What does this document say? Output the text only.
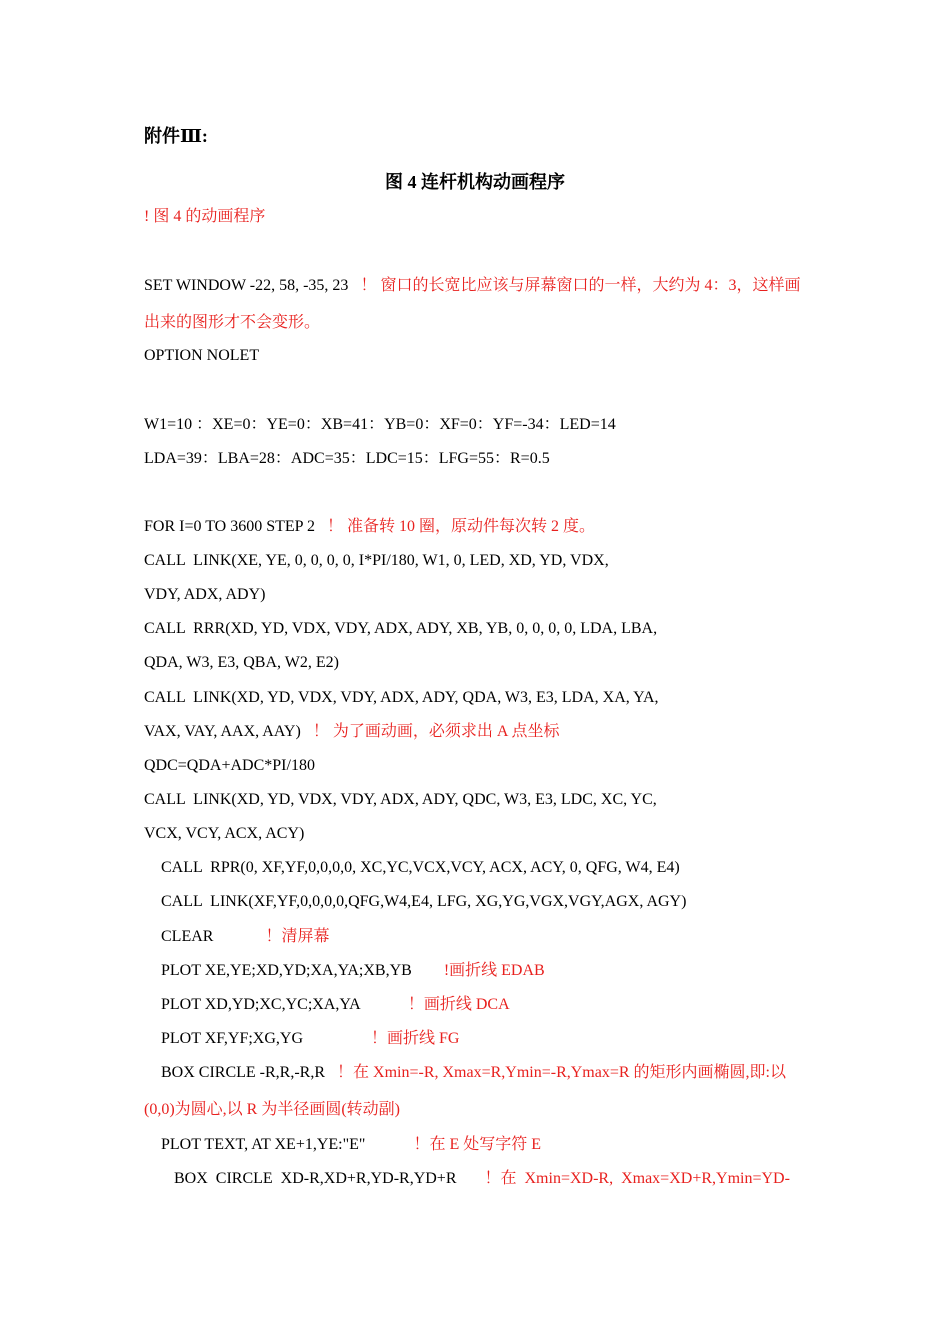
附件Ⅲ:
图 4 连杆机构动画程序
! 图 4 的动画程序
SET WINDOW -22, 58, -35, 23   ！ 窗口的长宽比应该与屏幕窗口的一样，大约为 4：3，这样画
出来的图形才不会变形。
OPTION NOLET
W1=10 ：XE=0：YE=0：XB=41：YB=0：XF=0：YF=-34：LED=14
LDA=39：LBA=28：ADC=35：LDC=15：LFG=55：R=0.5
FOR I=0 TO 3600 STEP 2   ！ 准备转 10 圈，原动件每次转 2 度。
CALL  LINK(XE, YE, 0, 0, 0, 0, I*PI/180, W1, 0, LED, XD, YD, VDX,
VDY, ADX, ADY)
CALL  RRR(XD, YD, VDX, VDY, ADX, ADY, XB, YB, 0, 0, 0, 0, LDA, LBA,
QDA, W3, E3, QBA, W2, E2)
CALL  LINK(XD, YD, VDX, VDY, ADX, ADY, QDA, W3, E3, LDA, XA, YA,
VAX, VAY, AAX, AAY)   ！ 为了画动画，必须求出 A 点坐标
QDC=QDA+ADC*PI/180
CALL  LINK(XD, YD, VDX, VDY, ADX, ADY, QDC, W3, E3, LDC, XC, YC,
VCX, VCY, ACX, ACY)
CALL  RPR(0, XF,YF,0,0,0,0, XC,YC,VCX,VCY, ACX, ACY, 0, QFG, W4, E4)
CALL  LINK(XF,YF,0,0,0,0,QFG,W4,E4, LFG, XG,YG,VGX,VGY,AGX, AGY)
CLEAR             ！清屏幕
PLOT XE,YE;XD,YD;XA,YA;XB,YB        !画折线 EDAB
PLOT XD,YD;XC,YC;XA,YA            ！画折线 DCA
PLOT XF,YF;XG,YG                 ！画折线 FG
BOX CIRCLE -R,R,-R,R   ！在 Xmin=-R, Xmax=R,Ymin=-R,Ymax=R 的矩形内画椭圆,即:以
(0,0)为圆心,以 R 为半径画圆(转动副)
PLOT TEXT, AT XE+1,YE:"E"            ！在 E 处写字符 E
BOX  CIRCLE  XD-R,XD+R,YD-R,YD+R       ！在  Xmin=XD-R,  Xmax=XD+R,Ymin=YD-
